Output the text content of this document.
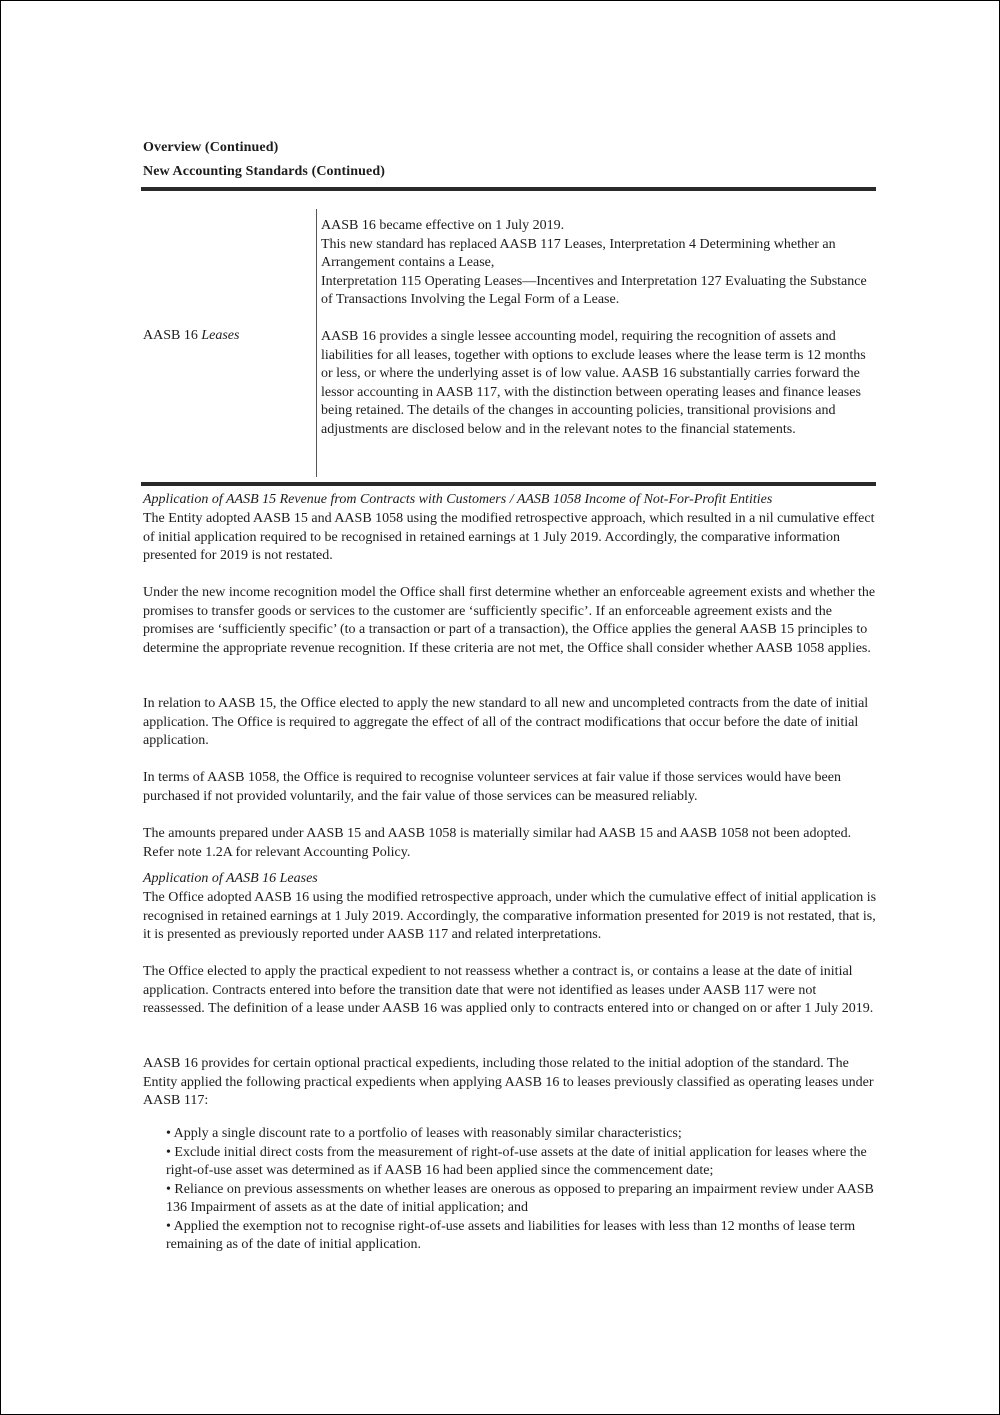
Overview (Continued)
New Accounting Standards (Continued)
AASB 16 Leases

AASB 16 became effective on 1 July 2019.

This new standard has replaced AASB 117 Leases, Interpretation 4 Determining whether an Arrangement contains a Lease,

Interpretation 115 Operating Leases—Incentives and Interpretation 127 Evaluating the Substance of Transactions Involving the Legal Form of a Lease.

AASB 16 provides a single lessee accounting model, requiring the recognition of assets and liabilities for all leases, together with options to exclude leases where the lease term is 12 months or less, or where the underlying asset is of low value. AASB 16 substantially carries forward the lessor accounting in AASB 117, with the distinction between operating leases and finance leases being retained. The details of the changes in accounting policies, transitional provisions and adjustments are disclosed below and in the relevant notes to the financial statements.

Application of AASB 15 Revenue from Contracts with Customers / AASB 1058 Income of Not-For-Profit Entities

The Entity adopted AASB 15 and AASB 1058 using the modified retrospective approach, which resulted in a nil cumulative effect of initial application required to be recognised in retained earnings at 1 July 2019. Accordingly, the comparative information presented for 2019 is not restated.

Under the new income recognition model the Office shall first determine whether an enforceable agreement exists and whether the promises to transfer goods or services to the customer are ‘sufficiently specific’. If an enforceable agreement exists and the promises are ‘sufficiently specific’ (to a transaction or part of a transaction), the Office applies the general AASB 15 principles to determine the appropriate revenue recognition. If these criteria are not met, the Office shall consider whether AASB 1058 applies.

In relation to AASB 15, the Office elected to apply the new standard to all new and uncompleted contracts from the date of initial application. The Office is required to aggregate the effect of all of the contract modifications that occur before the date of initial application.

In terms of AASB 1058, the Office is required to recognise volunteer services at fair value if those services would have been purchased if not provided voluntarily, and the fair value of those services can be measured reliably.

The amounts prepared under AASB 15 and AASB 1058 is materially similar had AASB 15 and AASB 1058 not been adopted. Refer note 1.2A for relevant Accounting Policy.

Application of AASB 16 Leases

The Office adopted AASB 16 using the modified retrospective approach, under which the cumulative effect of initial application is recognised in retained earnings at 1 July 2019. Accordingly, the comparative information presented for 2019 is not restated, that is, it is presented as previously reported under AASB 117 and related interpretations.

The Office elected to apply the practical expedient to not reassess whether a contract is, or contains a lease at the date of initial application. Contracts entered into before the transition date that were not identified as leases under AASB 117 were not reassessed. The definition of a lease under AASB 16 was applied only to contracts entered into or changed on or after 1 July 2019.

AASB 16 provides for certain optional practical expedients, including those related to the initial adoption of the standard. The Entity applied the following practical expedients when applying AASB 16 to leases previously classified as operating leases under AASB 117:

• Apply a single discount rate to a portfolio of leases with reasonably similar characteristics;

• Exclude initial direct costs from the measurement of right-of-use assets at the date of initial application for leases where the right-of-use asset was determined as if AASB 16 had been applied since the commencement date;

• Reliance on previous assessments on whether leases are onerous as opposed to preparing an impairment review under AASB 136 Impairment of assets as at the date of initial application; and

• Applied the exemption not to recognise right-of-use assets and liabilities for leases with less than 12 months of lease term remaining as of the date of initial application.
